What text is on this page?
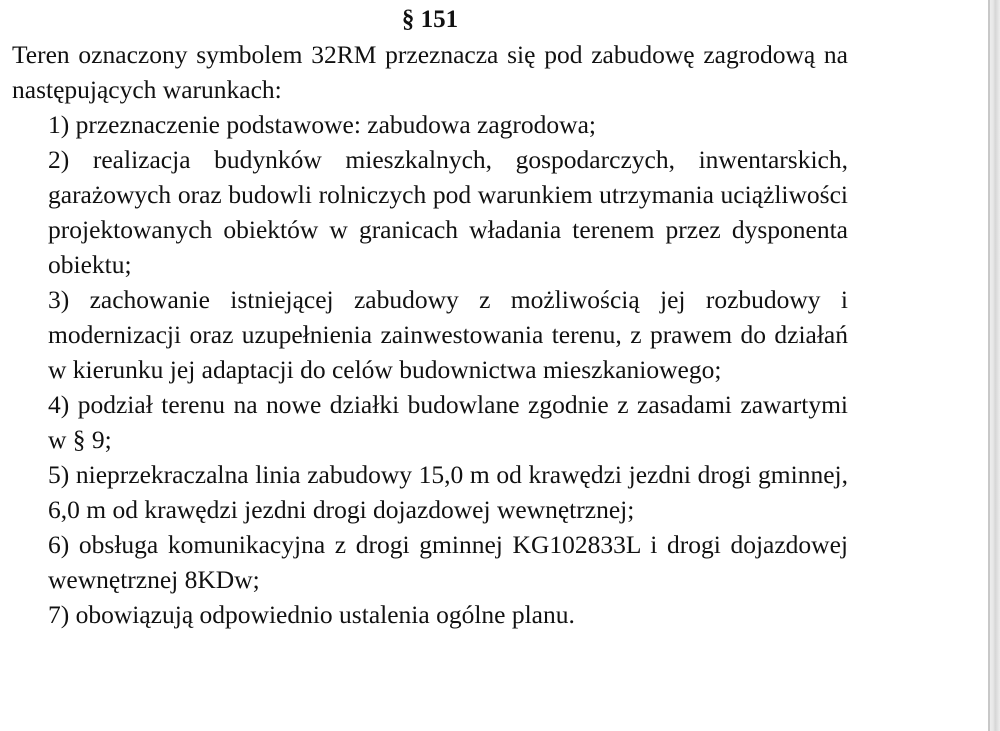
§ 151

Teren oznaczony symbolem 32RM przeznacza się pod zabudowę zagrodową na następujących warunkach:

1) przeznaczenie podstawowe: zabudowa zagrodowa;

2) realizacja budynków mieszkalnych, gospodarczych, inwentarskich, garażowych oraz budowli rolniczych pod warunkiem utrzymania uciążliwości projektowanych obiektów w granicach władania terenem przez dysponenta obiektu;

3) zachowanie istniejącej zabudowy z możliwością jej rozbudowy i modernizacji oraz uzupełnienia zainwestowania terenu, z prawem do działań w kierunku jej adaptacji do celów budownictwa mieszkaniowego;

4) podział terenu na nowe działki budowlane zgodnie z zasadami zawartymi w § 9;

5) nieprzekraczalna linia zabudowy 15,0 m od krawędzi jezdni drogi gminnej, 6,0 m od krawędzi jezdni drogi dojazdowej wewnętrznej;

6) obsługa komunikacyjna z drogi gminnej KG102833L i drogi dojazdowej wewnętrznej 8KDw;

7) obowiązują odpowiednio ustalenia ogólne planu.
